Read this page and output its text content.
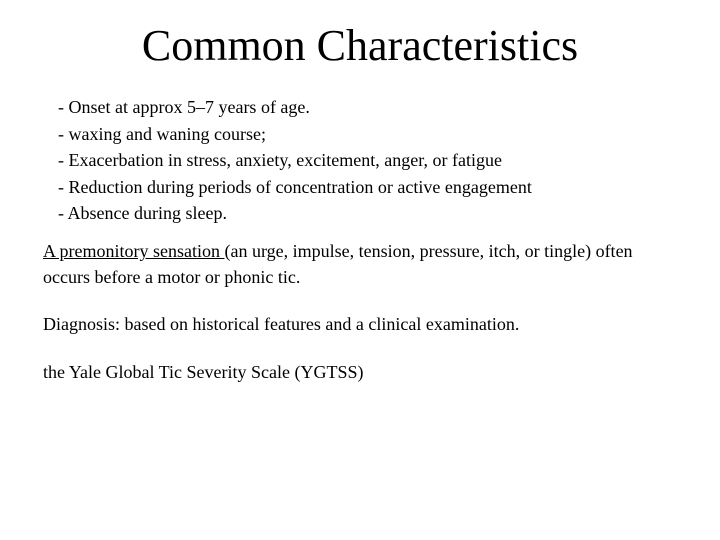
Common Characteristics
- Onset at approx 5–7 years of age.
- waxing and waning course;
- Exacerbation in stress, anxiety, excitement, anger, or fatigue
- Reduction during periods of concentration or active engagement
- Absence during sleep.

A premonitory sensation (an urge, impulse, tension, pressure, itch, or tingle) often occurs before a motor or phonic tic.

Diagnosis: based on historical features and a clinical examination.

the Yale Global Tic Severity Scale (YGTSS)
